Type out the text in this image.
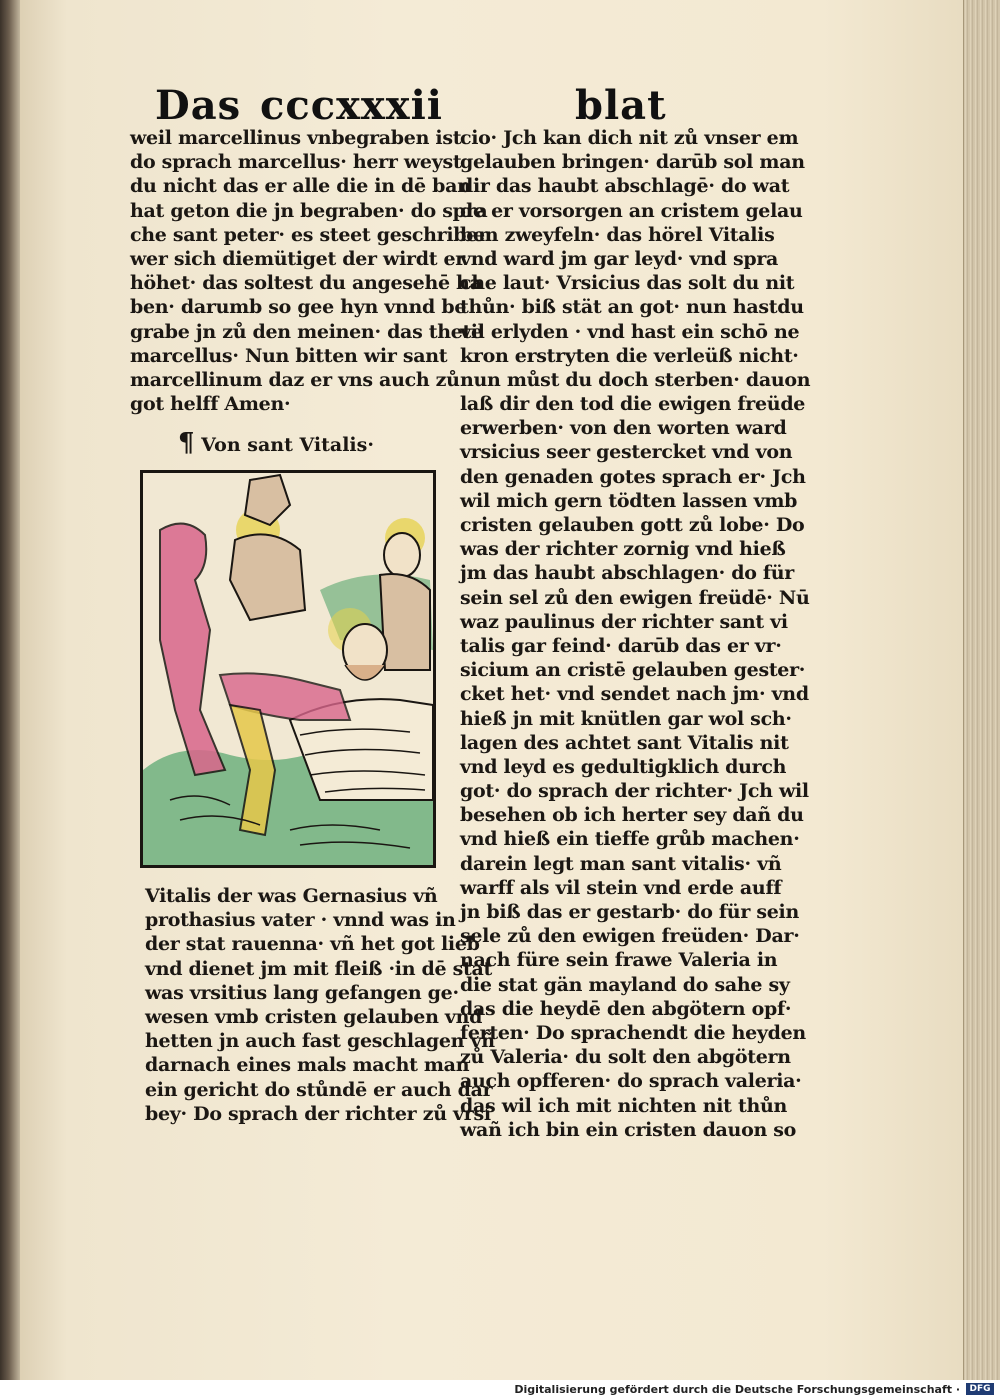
Das cccxxxii	blat
weil marcellinus vnbegraben ist
do sprach marcellus· herr weyst
du nicht das er alle die in dē ban
hat geton die jn begraben· do spra
che sant peter· es steet geschriben
wer sich diemütiget der wirdt er
höhet· das soltest du angesehē ha
ben· darumb so gee hyn vnnd be
grabe jn zů den meinen· das thete
marcellus· Nun bitten wir sant
marcellinum daz er vns auch zů
got helff Amen·
¶ Von sant Vitalis·
Vitalis der was Gernasius vñ
prothasius vater · vnnd was in
der stat rauenna· vñ het got lieb
vnd dienet jm mit fleiß ·in dē stat
was vrsitius lang gefangen ge·
wesen vmb cristen gelauben vnd
hetten jn auch fast geschlagen vñ
darnach eines mals macht man
ein gericht do stůndē er auch dar
bey· Do sprach der richter zů vrsi
cio· Jch kan dich nit zů vnser em
gelauben bringen· darūb sol man
dir das haubt abschlagē· do wat
de er vorsorgen an cristem gelau
ben zweyfeln· das hörel Vitalis
vnd ward jm gar leyd· vnd spra
che laut· Vrsicius das solt du nit
thůn· biß stät an got· nun hastdu
vil erlyden · vnd hast ein schō ne
kron erstryten die verleüß nicht·
nun můst du doch sterben· dauon
laß dir den tod die ewigen freüde
erwerben· von den worten ward
vrsicius seer gestercket vnd von
den genaden gotes sprach er· Jch
wil mich gern tödten lassen vmb
cristen gelauben gott zů lobe· Do
was der richter zornig vnd hieß
jm das haubt abschlagen· do für
sein sel zů den ewigen freüdē· Nū
waz paulinus der richter sant vi
talis gar feind· darūb das er vr·
sicium an cristē gelauben gester·
cket het· vnd sendet nach jm· vnd
hieß jn mit knütlen gar wol sch·
lagen des achtet sant Vitalis nit
vnd leyd es gedultigklich durch
got· do sprach der richter· Jch wil
besehen ob ich herter sey dañ du
vnd hieß ein tieffe grůb machen·
darein legt man sant vitalis· vñ
warff als vil stein vnd erde auff
jn biß das er gestarb· do für sein
sele zů den ewigen freüden· Dar·
nach füre sein frawe Valeria in
die stat gän mayland do sahe sy
das die heydē den abgötern opf·
ferten· Do sprachendt die heyden
zů Valeria· du solt den abgötern
auch opfferen· do sprach valeria·
das wil ich mit nichten nit thůn
wañ ich bin ein cristen dauon so
Digitalisierung gefördert durch die Deutsche Forschungsgemeinschaft ·	DFG
